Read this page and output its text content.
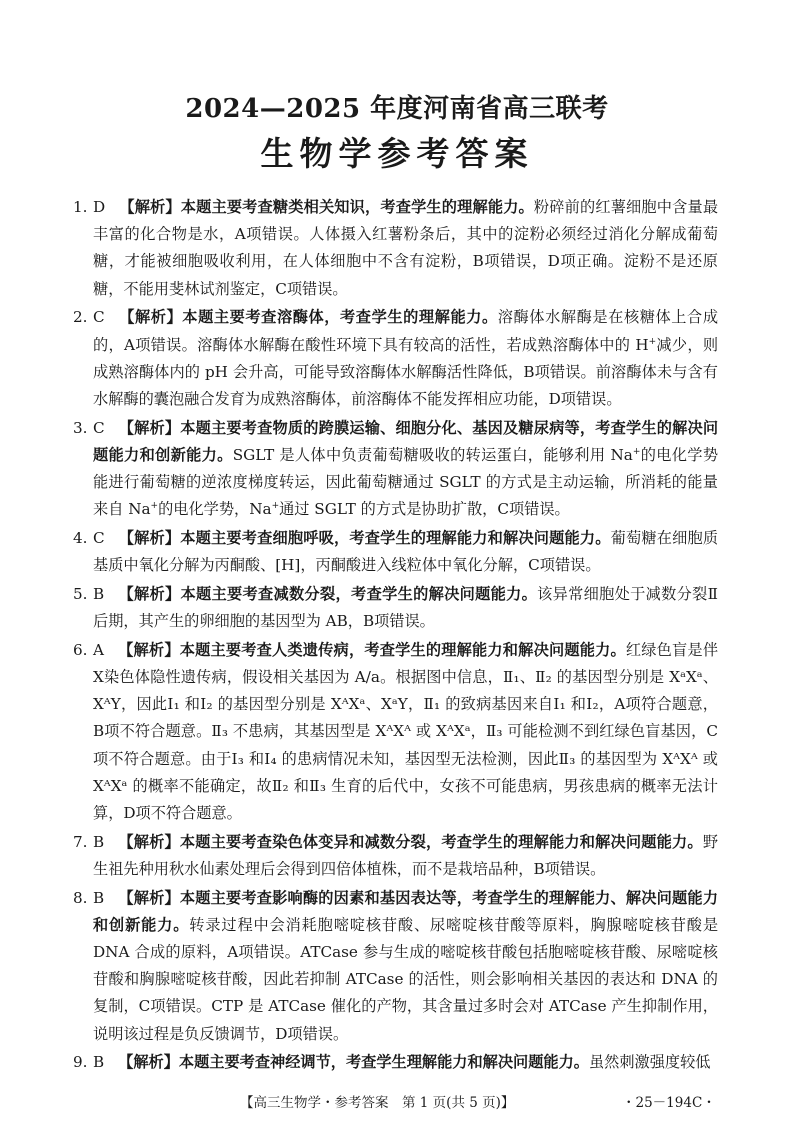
2024—2025 年度河南省高三联考
生物学参考答案
1. D 【解析】本题主要考查糖类相关知识，考查学生的理解能力。粉碎前的红薯细胞中含量最丰富的化合物是水，A项错误。人体摄入红薯粉条后，其中的淀粉必须经过消化分解成葡萄糖，才能被细胞吸收利用，在人体细胞中不含有淀粉，B项错误，D项正确。淀粉不是还原糖，不能用斐林试剂鉴定，C项错误。
2. C 【解析】本题主要考查溶酶体，考查学生的理解能力。溶酶体水解酶是在核糖体上合成的，A项错误。溶酶体水解酶在酸性环境下具有较高的活性，若成熟溶酶体中的 H+减少，则成熟溶酶体内的 pH 会升高，可能导致溶酶体水解酶活性降低，B项错误。前溶酶体未与含有水解酶的囊泡融合发育为成熟溶酶体，前溶酶体不能发挥相应功能，D项错误。
3. C 【解析】本题主要考查物质的跨膜运输、细胞分化、基因及糖尿病等，考查学生的解决问题能力和创新能力。SGLT 是人体中负责葡萄糖吸收的转运蛋白，能够利用 Na+的电化学势能进行葡萄糖的逆浓度梯度转运，因此葡萄糖通过 SGLT 的方式是主动运输，所消耗的能量来自 Na+的电化学势，Na+通过 SGLT 的方式是协助扩散，C项错误。
4. C 【解析】本题主要考查细胞呼吸，考查学生的理解能力和解决问题能力。葡萄糖在细胞质基质中氧化分解为丙酮酸、[H]，丙酮酸进入线粒体中氧化分解，C项错误。
5. B 【解析】本题主要考查减数分裂，考查学生的解决问题能力。该异常细胞处于减数分裂Ⅱ后期，其产生的卵细胞的基因型为 AB，B项错误。
6. A 【解析】本题主要考查人类遗传病，考查学生的理解能力和解决问题能力。红绿色盲是伴X染色体隐性遗传病，假设相关基因为 A/a。根据图中信息，Ⅱ₁、Ⅱ₂ 的基因型分别是 XᵃXᵃ、XᴬY，因此Ⅰ₁ 和Ⅰ₂ 的基因型分别是 XᴬXᵃ、XᵃY，Ⅱ₁ 的致病基因来自Ⅰ₁ 和Ⅰ₂，A项符合题意，B项不符合题意。Ⅱ₃ 不患病，其基因型是 XᴬXᴬ 或 XᴬXᵃ，Ⅱ₃ 可能检测不到红绿色盲基因，C项不符合题意。由于Ⅰ₃ 和Ⅰ₄ 的患病情况未知，基因型无法检测，因此Ⅱ₃ 的基因型为 XᴬXᴬ 或 XᴬXᵃ 的概率不能确定，故Ⅱ₂ 和Ⅱ₃ 生育的后代中，女孩不可能患病，男孩患病的概率无法计算，D项不符合题意。
7. B 【解析】本题主要考查染色体变异和减数分裂，考查学生的理解能力和解决问题能力。野生祖先种用秋水仙素处理后会得到四倍体植株，而不是栽培品种，B项错误。
8. B 【解析】本题主要考查影响酶的因素和基因表达等，考查学生的理解能力、解决问题能力和创新能力。转录过程中会消耗胞嘧啶核苷酸、尿嘧啶核苷酸等原料，胸腺嘧啶核苷酸是DNA 合成的原料，A项错误。ATCase 参与生成的嘧啶核苷酸包括胞嘧啶核苷酸、尿嘧啶核苷酸和胸腺嘧啶核苷酸，因此若抑制 ATCase 的活性，则会影响相关基因的表达和 DNA 的复制，C项错误。CTP 是 ATCase 催化的产物，其含量过多时会对 ATCase 产生抑制作用，说明该过程是负反馈调节，D项错误。
9. B 【解析】本题主要考查神经调节，考查学生理解能力和解决问题能力。虽然刺激强度较低
【高三生物学・参考答案　第 1 页(共 5 页)】	・25－194C・
